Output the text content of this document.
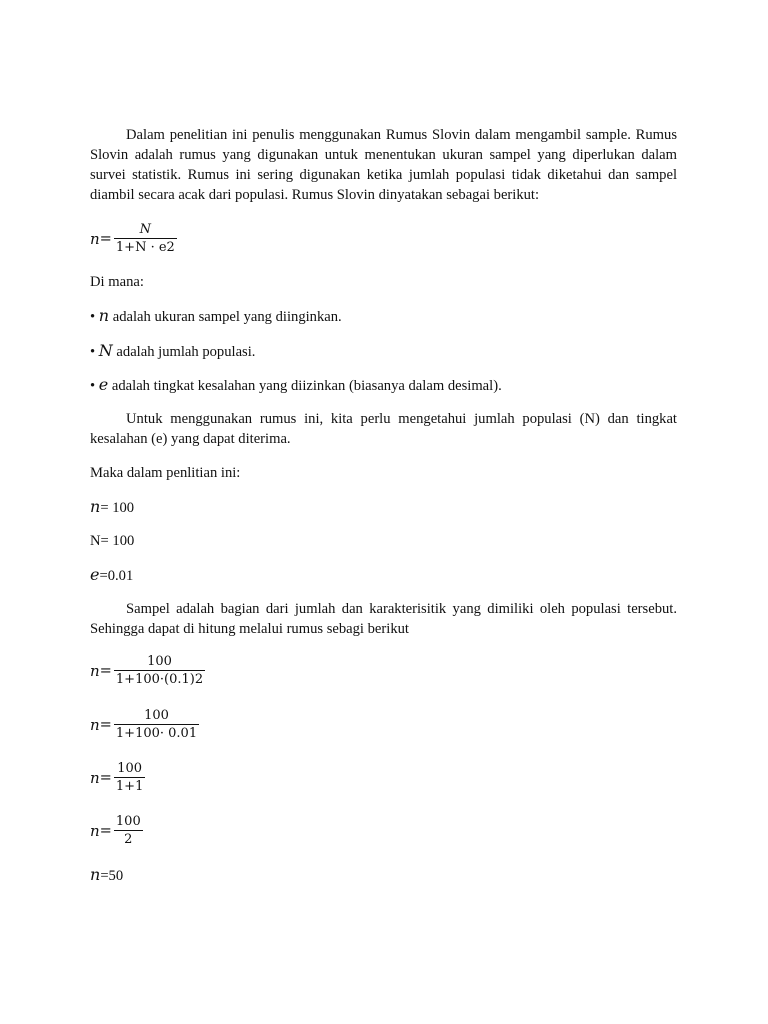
Dalam penelitian ini penulis menggunakan Rumus Slovin dalam mengambil sample. Rumus Slovin adalah rumus yang digunakan untuk menentukan ukuran sampel yang diperlukan dalam survei statistik. Rumus ini sering digunakan ketika jumlah populasi tidak diketahui dan sampel diambil secara acak dari populasi. Rumus Slovin dinyatakan sebagai berikut:

$n = \frac{N}{1+N \cdot e2}$
Di mana:
• n adalah ukuran sampel yang diinginkan.
• N adalah jumlah populasi.
• e adalah tingkat kesalahan yang diizinkan (biasanya dalam desimal).

Untuk menggunakan rumus ini, kita perlu mengetahui jumlah populasi (N) dan tingkat kesalahan (e) yang dapat diterima.

Maka dalam penlitian ini:
n= 100
N= 100
e=0.01

Sampel adalah bagian dari jumlah dan karakterisitik yang dimiliki oleh populasi tersebut. Sehingga dapat di hitung melalui rumus sebagi berikut

$n = \frac{100}{1+100\cdot(0.1)2}$
$n = \frac{100}{1+100\cdot 0.01}$
$n = \frac{100}{1+1}$
$n = \frac{100}{2}$
n=50
